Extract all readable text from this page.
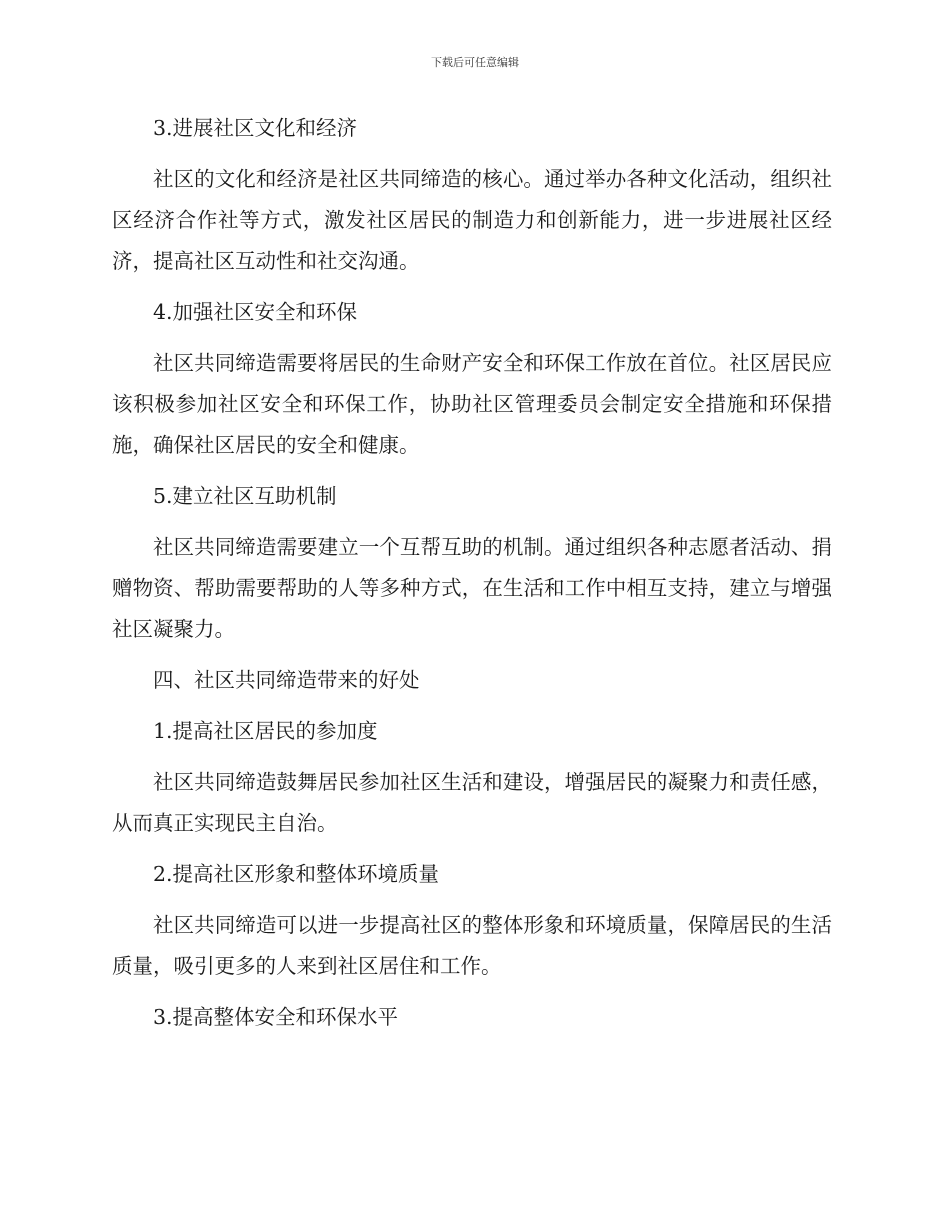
下载后可任意编辑
3.进展社区文化和经济
社区的文化和经济是社区共同缔造的核心。通过举办各种文化活动，组织社区经济合作社等方式，激发社区居民的制造力和创新能力，进一步进展社区经济，提高社区互动性和社交沟通。
4.加强社区安全和环保
社区共同缔造需要将居民的生命财产安全和环保工作放在首位。社区居民应该积极参加社区安全和环保工作，协助社区管理委员会制定安全措施和环保措施，确保社区居民的安全和健康。
5.建立社区互助机制
社区共同缔造需要建立一个互帮互助的机制。通过组织各种志愿者活动、捐赠物资、帮助需要帮助的人等多种方式，在生活和工作中相互支持，建立与增强社区凝聚力。
四、社区共同缔造带来的好处
1.提高社区居民的参加度
社区共同缔造鼓舞居民参加社区生活和建设，增强居民的凝聚力和责任感，从而真正实现民主自治。
2.提高社区形象和整体环境质量
社区共同缔造可以进一步提高社区的整体形象和环境质量，保障居民的生活质量，吸引更多的人来到社区居住和工作。
3.提高整体安全和环保水平
